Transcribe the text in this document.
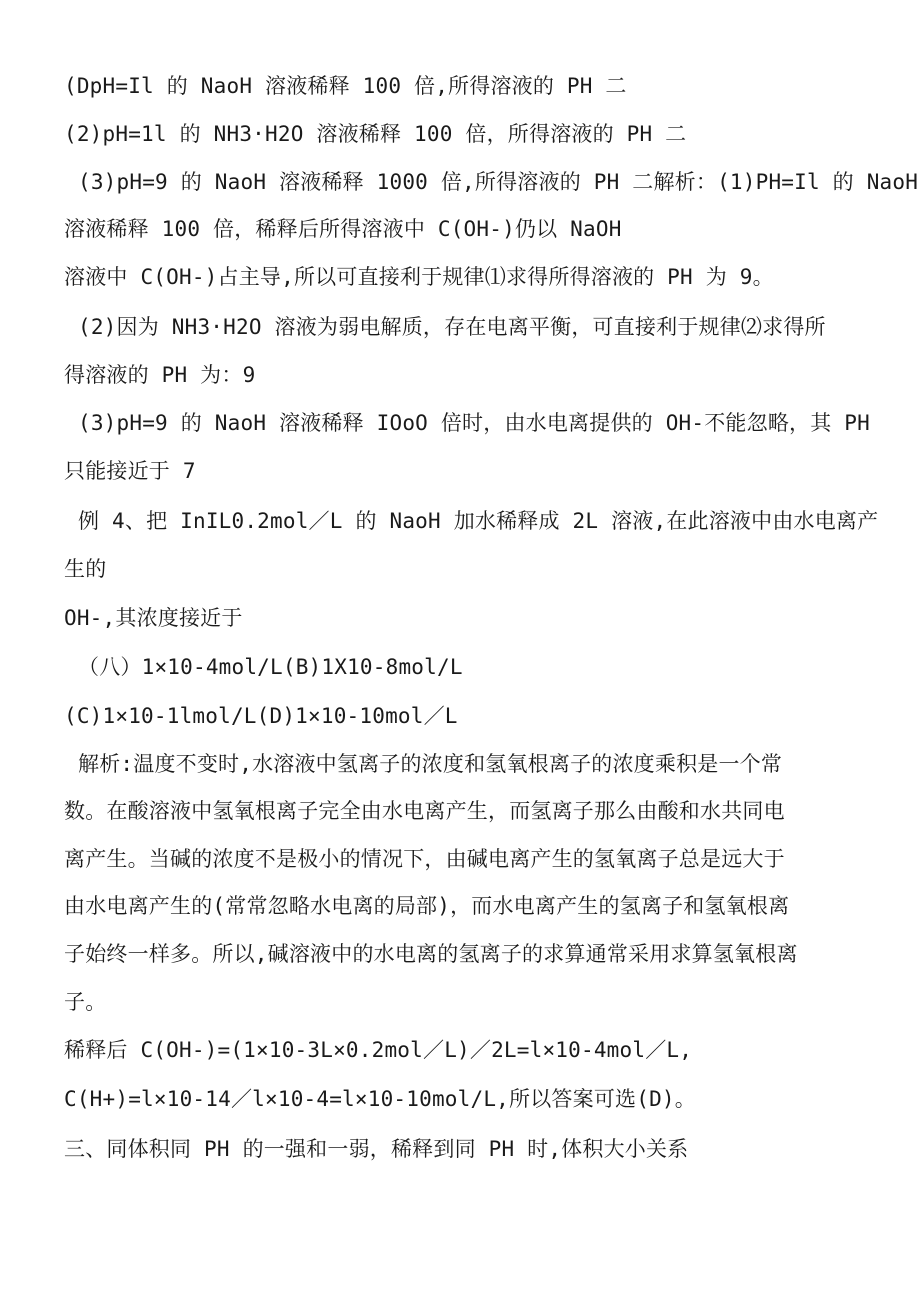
(DpH=Il 的 NaoH 溶液稀释 100 倍,所得溶液的 PH 二
(2)pH=1l 的 NH3·H2O 溶液稀释 100 倍，所得溶液的 PH 二
(3)pH=9 的 NaoH 溶液稀释 1000 倍,所得溶液的 PH 二解析：(1)PH=Il 的 NaoH
溶液稀释 100 倍，稀释后所得溶液中 C(OH-)仍以 NaOH
溶液中 C(OH-)占主导,所以可直接利于规律⑴求得所得溶液的 PH 为 9。
(2)因为 NH3·H2O 溶液为弱电解质，存在电离平衡，可直接利于规律⑵求得所
得溶液的 PH 为：9
(3)pH=9 的 NaoH 溶液稀释 IOoO 倍时，由水电离提供的 OH-不能忽略，其 PH
只能接近于 7
例 4、把 InIL0.2mol／L 的 NaoH 加水稀释成 2L 溶液,在此溶液中由水电离产
生的
OH-,其浓度接近于
（八）1×10-4mol/L(B)1X10-8mol/L
(C)1×10-1lmol/L(D)1×10-10mol／L
解析:温度不变时,水溶液中氢离子的浓度和氢氧根离子的浓度乘积是一个常
数。在酸溶液中氢氧根离子完全由水电离产生，而氢离子那么由酸和水共同电
离产生。当碱的浓度不是极小的情况下，由碱电离产生的氢氧离子总是远大于
由水电离产生的(常常忽略水电离的局部)，而水电离产生的氢离子和氢氧根离
子始终一样多。所以,碱溶液中的水电离的氢离子的求算通常采用求算氢氧根离
子。
稀释后 C(OH-)=(1×10-3L×0.2mol／L)／2L=l×10-4mol／L,
C(H+)=l×10-14／l×10-4=l×10-10mol/L,所以答案可选(D)。
三、同体积同 PH 的一强和一弱，稀释到同 PH 时,体积大小关系
